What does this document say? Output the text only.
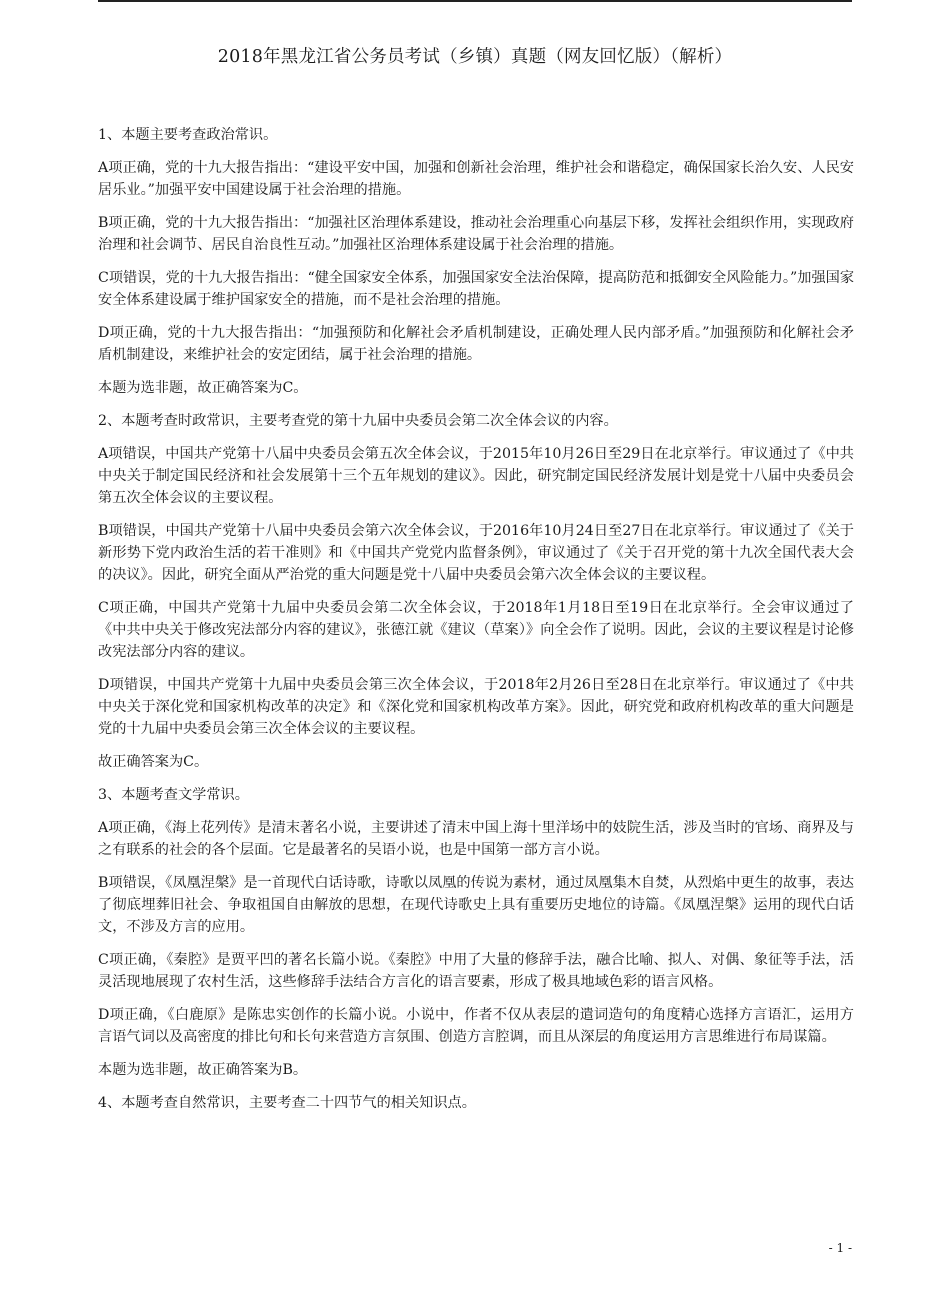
2018年黑龙江省公务员考试（乡镇）真题（网友回忆版）（解析）

1、本题主要考查政治常识。

A项正确，党的十九大报告指出：“建设平安中国，加强和创新社会治理，维护社会和谐稳定，确保国家长治久安、人民安居乐业。”加强平安中国建设属于社会治理的措施。

B项正确，党的十九大报告指出：“加强社区治理体系建设，推动社会治理重心向基层下移，发挥社会组织作用，实现政府治理和社会调节、居民自治良性互动。”加强社区治理体系建设属于社会治理的措施。

C项错误，党的十九大报告指出：“健全国家安全体系，加强国家安全法治保障，提高防范和抵御安全风险能力。”加强国家安全体系建设属于维护国家安全的措施，而不是社会治理的措施。

D项正确，党的十九大报告指出：“加强预防和化解社会矛盾机制建设，正确处理人民内部矛盾。”加强预防和化解社会矛盾机制建设，来维护社会的安定团结，属于社会治理的措施。

本题为选非题，故正确答案为C。

2、本题考查时政常识，主要考查党的第十九届中央委员会第二次全体会议的内容。

A项错误，中国共产党第十八届中央委员会第五次全体会议，于2015年10月26日至29日在北京举行。审议通过了《中共中央关于制定国民经济和社会发展第十三个五年规划的建议》。因此，研究制定国民经济发展计划是党十八届中央委员会第五次全体会议的主要议程。

B项错误，中国共产党第十八届中央委员会第六次全体会议，于2016年10月24日至27日在北京举行。审议通过了《关于新形势下党内政治生活的若干准则》和《中国共产党党内监督条例》，审议通过了《关于召开党的第十九次全国代表大会的决议》。因此，研究全面从严治党的重大问题是党十八届中央委员会第六次全体会议的主要议程。

C项正确，中国共产党第十九届中央委员会第二次全体会议，于2018年1月18日至19日在北京举行。全会审议通过了《中共中央关于修改宪法部分内容的建议》，张德江就《建议（草案）》向全会作了说明。因此，会议的主要议程是讨论修改宪法部分内容的建议。

D项错误，中国共产党第十九届中央委员会第三次全体会议，于2018年2月26日至28日在北京举行。审议通过了《中共中央关于深化党和国家机构改革的决定》和《深化党和国家机构改革方案》。因此，研究党和政府机构改革的重大问题是党的十九届中央委员会第三次全体会议的主要议程。

故正确答案为C。

3、本题考查文学常识。

A项正确，《海上花列传》是清末著名小说，主要讲述了清末中国上海十里洋场中的妓院生活，涉及当时的官场、商界及与之有联系的社会的各个层面。它是最著名的吴语小说，也是中国第一部方言小说。

B项错误，《凤凰涅槃》是一首现代白话诗歌，诗歌以凤凰的传说为素材，通过凤凰集木自焚，从烈焰中更生的故事，表达了彻底埋葬旧社会、争取祖国自由解放的思想，在现代诗歌史上具有重要历史地位的诗篇。《凤凰涅槃》运用的现代白话文，不涉及方言的应用。

C项正确，《秦腔》是贾平凹的著名长篇小说。《秦腔》中用了大量的修辞手法，融合比喻、拟人、对偶、象征等手法，活灵活现地展现了农村生活，这些修辞手法结合方言化的语言要素，形成了极具地域色彩的语言风格。

D项正确，《白鹿原》是陈忠实创作的长篇小说。小说中，作者不仅从表层的遣词造句的角度精心选择方言语汇，运用方言语气词以及高密度的排比句和长句来营造方言氛围、创造方言腔调，而且从深层的角度运用方言思维进行布局谋篇。

本题为选非题，故正确答案为B。

4、本题考查自然常识，主要考查二十四节气的相关知识点。

- 1 -
